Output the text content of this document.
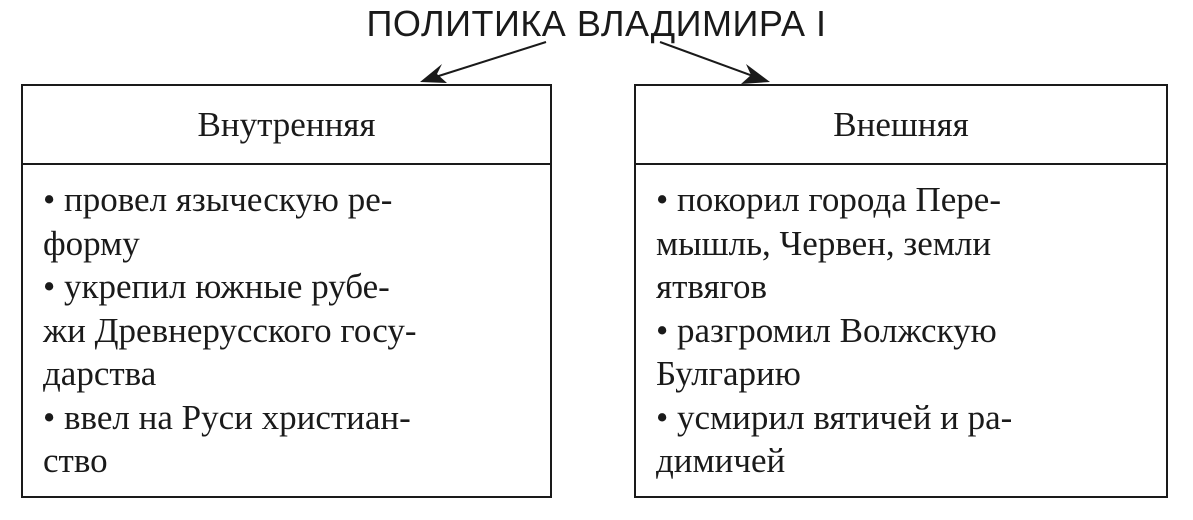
ПОЛИТИКА ВЛАДИМИРА I
Внутренняя
• провел языческую ре-
форму
• укрепил южные рубе-
жи Древнерусского госу-
дарства
• ввел на Руси христиан-
ство
Внешняя
• покорил города Пере-
мышль, Червен, земли
ятвягов
• разгромил Волжскую
Булгарию
• усмирил вятичей и ра-
димичей
